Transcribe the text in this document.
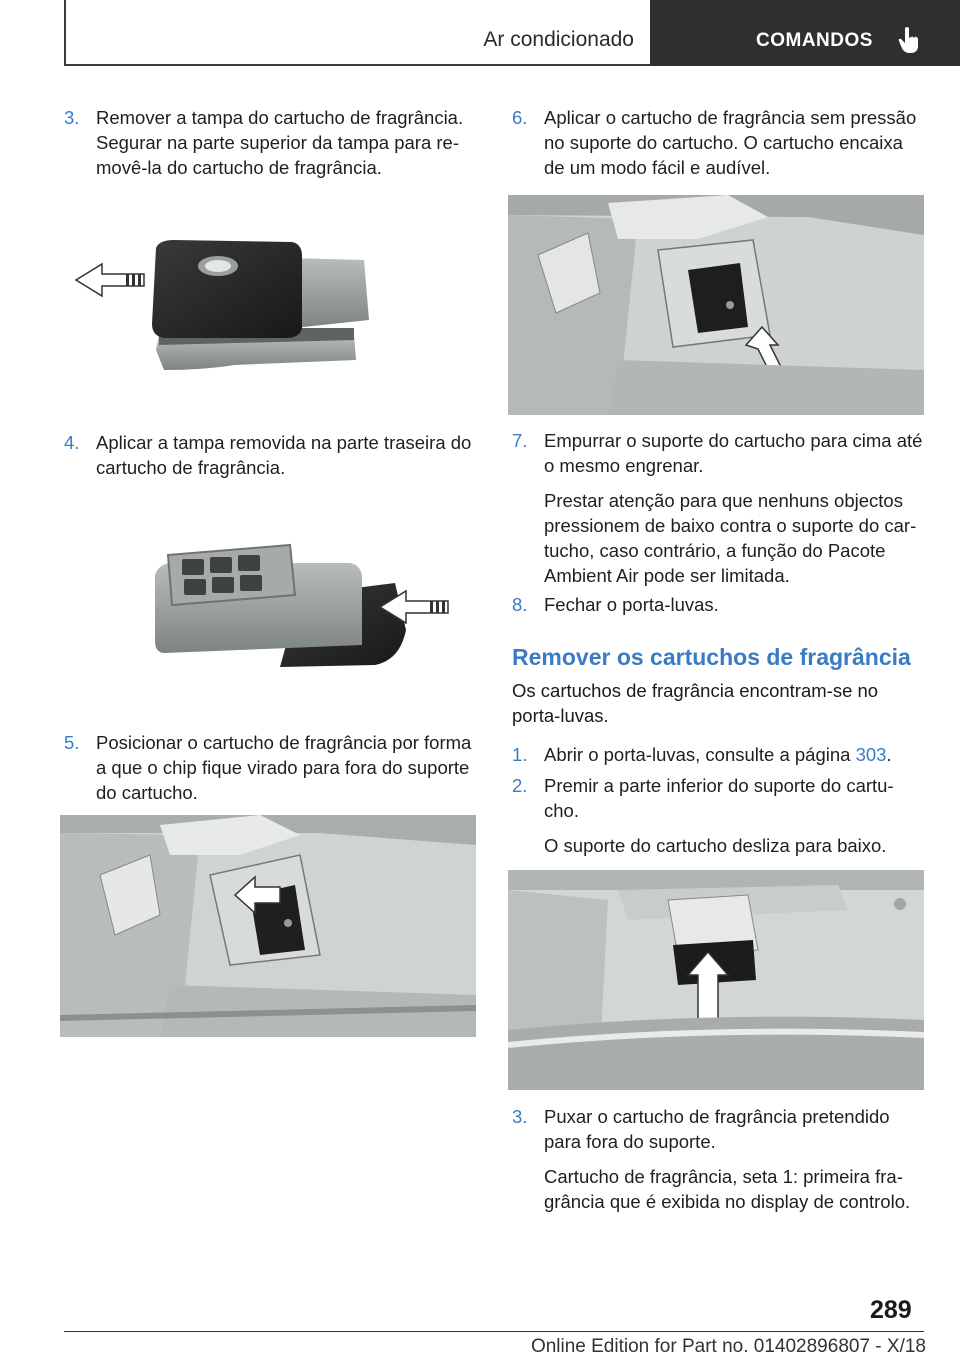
Ar condicionado	COMANDOS
3. Remover a tampa do cartucho de fragrância. Segurar na parte superior da tampa para re-movê-la do cartucho de fragrância.
4. Aplicar a tampa removida na parte traseira do cartucho de fragrância.
5. Posicionar o cartucho de fragrância por forma a que o chip fique virado para fora do suporte do cartucho.
6. Aplicar o cartucho de fragrância sem pressão no suporte do cartucho. O cartucho encaixa de um modo fácil e audível.
7. Empurrar o suporte do cartucho para cima até o mesmo engrenar.
Prestar atenção para que nenhuns objectos pressionem de baixo contra o suporte do car-tucho, caso contrário, a função do Pacote Ambient Air pode ser limitada.
8. Fechar o porta-luvas.
Remover os cartuchos de fragrância
Os cartuchos de fragrância encontram-se no porta-luvas.
1. Abrir o porta-luvas, consulte a página 303.
2. Premir a parte inferior do suporte do cartu-cho.
O suporte do cartucho desliza para baixo.
3. Puxar o cartucho de fragrância pretendido para fora do suporte.
Cartucho de fragrância, seta 1: primeira fra-grância que é exibida no display de controlo.
289
Online Edition for Part no. 01402896807 - X/18
